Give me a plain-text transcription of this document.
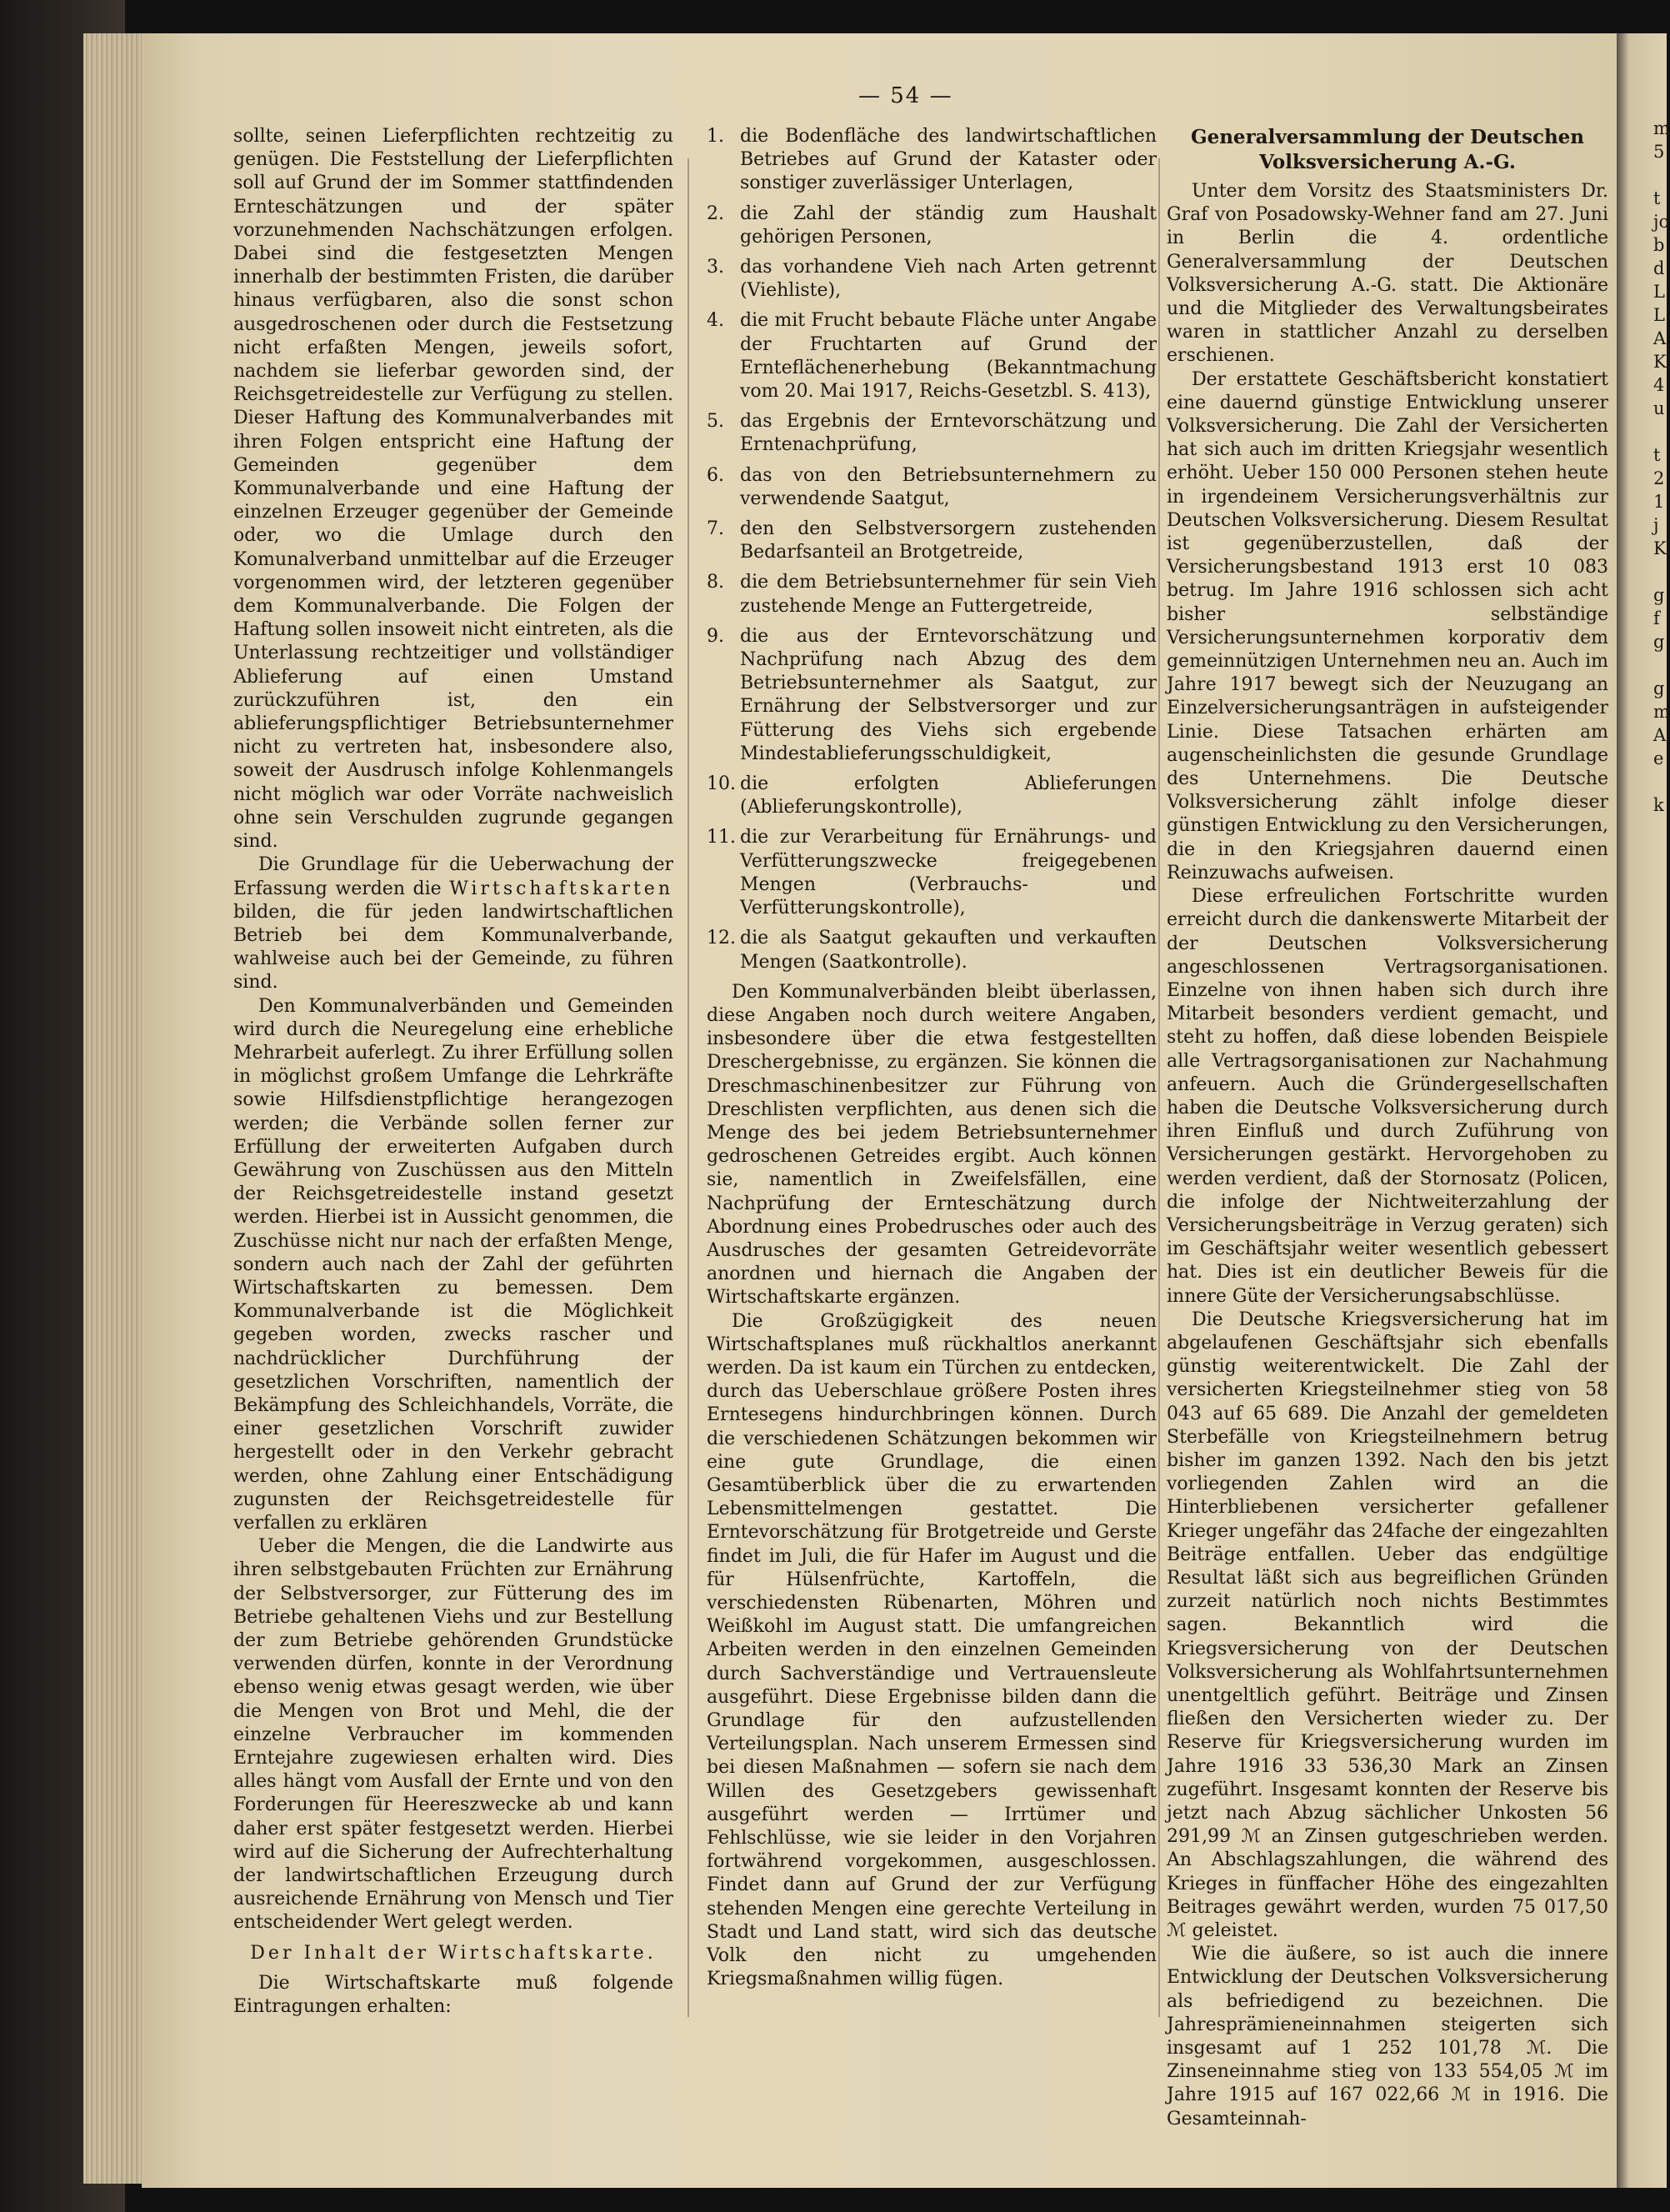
— 54 —

sollte, seinen Lieferpflichten rechtzeitig zu genügen. Die Feststellung der Lieferpflichten soll auf Grund der im Sommer stattfindenden Ernteschätzungen und der später vorzunehmenden Nachschätzungen erfolgen. Dabei sind die festgesetzten Mengen innerhalb der bestimmten Fristen, die darüber hinaus verfügbaren, also die sonst schon ausgedroschenen oder durch die Festsetzung nicht erfaßten Mengen, jeweils sofort, nachdem sie lieferbar geworden sind, der Reichsgetreidestelle zur Verfügung zu stellen. Dieser Haftung des Kommunalverbandes mit ihren Folgen entspricht eine Haftung der Gemeinden gegenüber dem Kommunalverbande und eine Haftung der einzelnen Erzeuger gegenüber der Gemeinde oder, wo die Umlage durch den Komunalverband unmittelbar auf die Erzeuger vorgenommen wird, der letzteren gegenüber dem Kommunalverbande. Die Folgen der Haftung sollen insoweit nicht eintreten, als die Unterlassung rechtzeitiger und vollständiger Ablieferung auf einen Umstand zurückzuführen ist, den ein ablieferungspflichtiger Betriebsunternehmer nicht zu vertreten hat, insbesondere also, soweit der Ausdrusch infolge Kohlenmangels nicht möglich war oder Vorräte nachweislich ohne sein Verschulden zugrunde gegangen sind.

Die Grundlage für die Ueberwachung der Erfassung werden die Wirtschaftskarten bilden, die für jeden landwirtschaftlichen Betrieb bei dem Kommunalverbande, wahlweise auch bei der Gemeinde, zu führen sind.

Den Kommunalverbänden und Gemeinden wird durch die Neuregelung eine erhebliche Mehrarbeit auferlegt. Zu ihrer Erfüllung sollen in möglichst großem Umfange die Lehrkräfte sowie Hilfsdienstpflichtige herangezogen werden; die Verbände sollen ferner zur Erfüllung der erweiterten Aufgaben durch Gewährung von Zuschüssen aus den Mitteln der Reichsgetreidestelle instand gesetzt werden. Hierbei ist in Aussicht genommen, die Zuschüsse nicht nur nach der erfaßten Menge, sondern auch nach der Zahl der geführten Wirtschaftskarten zu bemessen. Dem Kommunalverbande ist die Möglichkeit gegeben worden, zwecks rascher und nachdrücklicher Durchführung der gesetzlichen Vorschriften, namentlich der Bekämpfung des Schleichhandels, Vorräte, die einer gesetzlichen Vorschrift zuwider hergestellt oder in den Verkehr gebracht werden, ohne Zahlung einer Entschädigung zugunsten der Reichsgetreidestelle für verfallen zu erklären

Ueber die Mengen, die die Landwirte aus ihren selbstgebauten Früchten zur Ernährung der Selbstversorger, zur Fütterung des im Betriebe gehaltenen Viehs und zur Bestellung der zum Betriebe gehörenden Grundstücke verwenden dürfen, konnte in der Verordnung ebenso wenig etwas gesagt werden, wie über die Mengen von Brot und Mehl, die der einzelne Verbraucher im kommenden Erntejahre zugewiesen erhalten wird. Dies alles hängt vom Ausfall der Ernte und von den Forderungen für Heereszwecke ab und kann daher erst später festgesetzt werden. Hierbei wird auf die Sicherung der Aufrechterhaltung der landwirtschaftlichen Erzeugung durch ausreichende Ernährung von Mensch und Tier entscheidender Wert gelegt werden.

Der Inhalt der Wirtschaftskarte.

Die Wirtschaftskarte muß folgende Eintragungen erhalten:

1. die Bodenfläche des landwirtschaftlichen Betriebes auf Grund der Kataster oder sonstiger zuverlässiger Unterlagen,
2. die Zahl der ständig zum Haushalt gehörigen Personen,
3. das vorhandene Vieh nach Arten getrennt (Viehliste),
4. die mit Frucht bebaute Fläche unter Angabe der Fruchtarten auf Grund der Ernteflächenerhebung (Bekanntmachung vom 20. Mai 1917, Reichs-Gesetzbl. S. 413),
5. das Ergebnis der Erntevorschätzung und Erntenachprüfung,
6. das von den Betriebsunternehmern zu verwendende Saatgut,
7. den den Selbstversorgern zustehenden Bedarfsanteil an Brotgetreide,
8. die dem Betriebsunternehmer für sein Vieh zustehende Menge an Futtergetreide,
9. die aus der Erntevorschätzung und Nachprüfung nach Abzug des dem Betriebsunternehmer als Saatgut, zur Ernährung der Selbstversorger und zur Fütterung des Viehs sich ergebende Mindestablieferungsschuldigkeit,
10. die erfolgten Ablieferungen (Ablieferungskontrolle),
11. die zur Verarbeitung für Ernährungs- und Verfütterungszwecke freigegebenen Mengen (Verbrauchs- und Verfütterungskontrolle),
12. die als Saatgut gekauften und verkauften Mengen (Saatkontrolle).

Den Kommunalverbänden bleibt überlassen, diese Angaben noch durch weitere Angaben, insbesondere über die etwa festgestellten Dreschergebnisse, zu ergänzen. Sie können die Dreschmaschinenbesitzer zur Führung von Dreschlisten verpflichten, aus denen sich die Menge des bei jedem Betriebsunternehmer gedroschenen Getreides ergibt. Auch können sie, namentlich in Zweifelsfällen, eine Nachprüfung der Ernteschätzung durch Abordnung eines Probedrusches oder auch des Ausdrusches der gesamten Getreidevorräte anordnen und hiernach die Angaben der Wirtschaftskarte ergänzen.

Die Großzügigkeit des neuen Wirtschaftsplanes muß rückhaltlos anerkannt werden. Da ist kaum ein Türchen zu entdecken, durch das Ueberschlaue größere Posten ihres Erntesegens hindurchbringen können. Durch die verschiedenen Schätzungen bekommen wir eine gute Grundlage, die einen Gesamtüberblick über die zu erwartenden Lebensmittelmengen gestattet. Die Erntevorschätzung für Brotgetreide und Gerste findet im Juli, die für Hafer im August und die für Hülsenfrüchte, Kartoffeln, die verschiedensten Rübenarten, Möhren und Weißkohl im August statt. Die umfangreichen Arbeiten werden in den einzelnen Gemeinden durch Sachverständige und Vertrauensleute ausgeführt. Diese Ergebnisse bilden dann die Grundlage für den aufzustellenden Verteilungsplan. Nach unserem Ermessen sind bei diesen Maßnahmen — sofern sie nach dem Willen des Gesetzgebers gewissenhaft ausgeführt werden — Irrtümer und Fehlschlüsse, wie sie leider in den Vorjahren fortwährend vorgekommen, ausgeschlossen. Findet dann auf Grund der zur Verfügung stehenden Mengen eine gerechte Verteilung in Stadt und Land statt, wird sich das deutsche Volk den nicht zu umgehenden Kriegsmaßnahmen willig fügen.

Generalversammlung der Deutschen
Volksversicherung A.-G.

Unter dem Vorsitz des Staatsministers Dr. Graf von Posadowsky-Wehner fand am 27. Juni in Berlin die 4. ordentliche Generalversammlung der Deutschen Volksversicherung A.-G. statt. Die Aktionäre und die Mitglieder des Verwaltungsbeirates waren in stattlicher Anzahl zu derselben erschienen.

Der erstattete Geschäftsbericht konstatiert eine dauernd günstige Entwicklung unserer Volksversicherung. Die Zahl der Versicherten hat sich auch im dritten Kriegsjahr wesentlich erhöht. Ueber 150 000 Personen stehen heute in irgendeinem Versicherungsverhältnis zur Deutschen Volksversicherung. Diesem Resultat ist gegenüberzustellen, daß der Versicherungsbestand 1913 erst 10 083 betrug. Im Jahre 1916 schlossen sich acht bisher selbständige Versicherungsunternehmen korporativ dem gemeinnützigen Unternehmen neu an. Auch im Jahre 1917 bewegt sich der Neuzugang an Einzelversicherungsanträgen in aufsteigender Linie. Diese Tatsachen erhärten am augenscheinlichsten die gesunde Grundlage des Unternehmens. Die Deutsche Volksversicherung zählt infolge dieser günstigen Entwicklung zu den Versicherungen, die in den Kriegsjahren dauernd einen Reinzuwachs aufweisen.

Diese erfreulichen Fortschritte wurden erreicht durch die dankenswerte Mitarbeit der der Deutschen Volksversicherung angeschlossenen Vertragsorganisationen. Einzelne von ihnen haben sich durch ihre Mitarbeit besonders verdient gemacht, und steht zu hoffen, daß diese lobenden Beispiele alle Vertragsorganisationen zur Nachahmung anfeuern. Auch die Gründergesellschaften haben die Deutsche Volksversicherung durch ihren Einfluß und durch Zuführung von Versicherungen gestärkt. Hervorgehoben zu werden verdient, daß der Stornosatz (Policen, die infolge der Nichtweiterzahlung der Versicherungsbeiträge in Verzug geraten) sich im Geschäftsjahr weiter wesentlich gebessert hat. Dies ist ein deutlicher Beweis für die innere Güte der Versicherungsabschlüsse.

Die Deutsche Kriegsversicherung hat im abgelaufenen Geschäftsjahr sich ebenfalls günstig weiterentwickelt. Die Zahl der versicherten Kriegsteilnehmer stieg von 58 043 auf 65 689. Die Anzahl der gemeldeten Sterbefälle von Kriegsteilnehmern betrug bisher im ganzen 1392. Nach den bis jetzt vorliegenden Zahlen wird an die Hinterbliebenen versicherter gefallener Krieger ungefähr das 24fache der eingezahlten Beiträge entfallen. Ueber das endgültige Resultat läßt sich aus begreiflichen Gründen zurzeit natürlich noch nichts Bestimmtes sagen. Bekanntlich wird die Kriegsversicherung von der Deutschen Volksversicherung als Wohlfahrtsunternehmen unentgeltlich geführt. Beiträge und Zinsen fließen den Versicherten wieder zu. Der Reserve für Kriegsversicherung wurden im Jahre 1916 33 536,30 Mark an Zinsen zugeführt. Insgesamt konnten der Reserve bis jetzt nach Abzug sächlicher Unkosten 56 291,99 ℳ an Zinsen gutgeschrieben werden. An Abschlagszahlungen, die während des Krieges in fünffacher Höhe des eingezahlten Beitrages gewährt werden, wurden 75 017,50 ℳ geleistet.

Wie die äußere, so ist auch die innere Entwicklung der Deutschen Volksversicherung als befriedigend zu bezeichnen. Die Jahresprämieneinnahmen steigerten sich insgesamt auf 1 252 101,78 ℳ. Die Zinseneinnahme stieg von 133 554,05 ℳ im Jahre 1915 auf 167 022,66 ℳ in 1916. Die Gesamteinnah-

m
5

t
jo
b
d
L
L
A
K
4
u

t
2
1
j
K

g
f
g

g
m
A
e

k
